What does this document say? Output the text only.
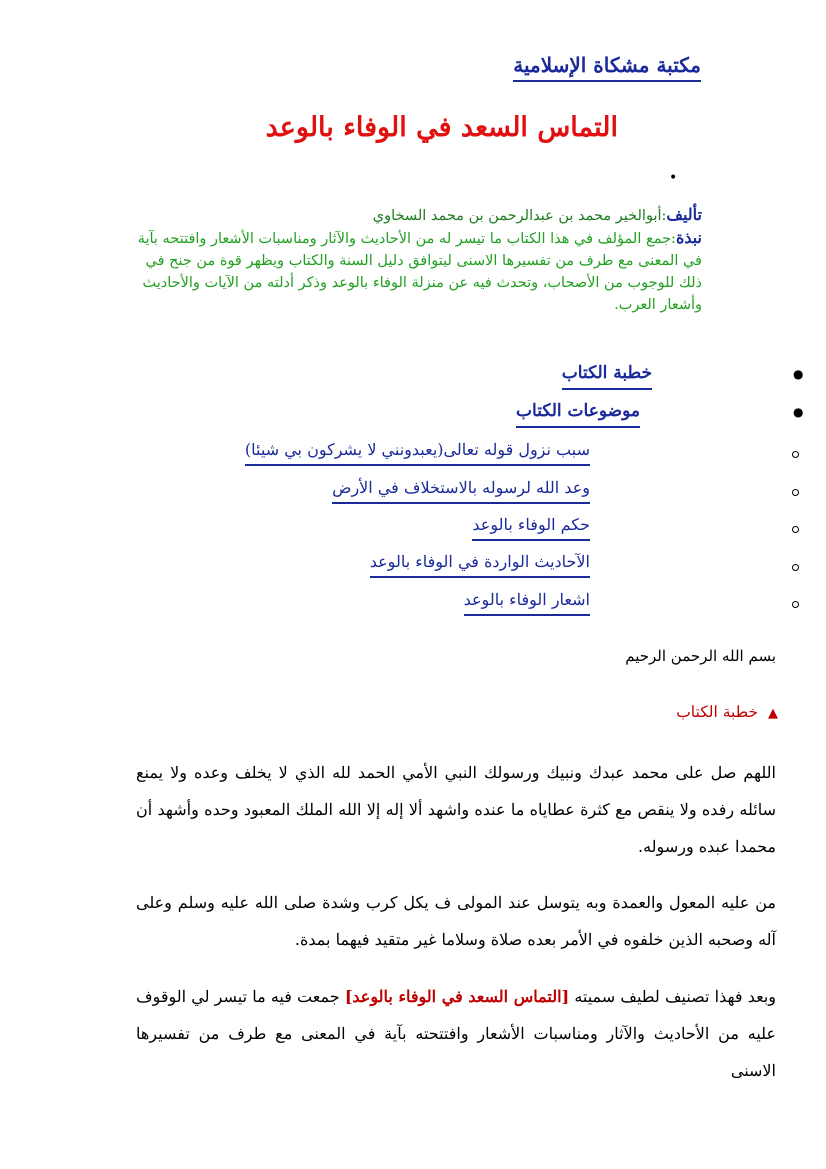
مكتبة مشكاة الإسلامية
التماس السعد في الوفاء بالوعد
•

تأليف:أبوالخير محمد بن عبدالرحمن بن محمد السخاوي

نبذة:جمع المؤلف في هذا الكتاب ما تيسر له من الأحاديث والآثار ومناسبات الأشعار وافتتحه بآية في المعنى مع طرف من تفسيرها الاسنى ليتوافق دليل السنة والكتاب ويظهر قوة من جنح في ذلك للوجوب من الأصحاب، وتحدث فيه عن منزلة الوفاء بالوعد وذكر أدلته من الآيات والأحاديث وأشعار العرب.

●
خطبة الكتاب
●
موضوعات الكتاب
سبب نزول قوله تعالى(يعبدونني لا يشركون بي شيئا)
وعد الله لرسوله بالاستخلاف في الأرض
حكم الوفاء بالوعد
الآحاديث الواردة في الوفاء بالوعد
اشعار الوفاء بالوعد
بسم الله الرحمن الرحيم
▲خطبة الكتاب
اللهم صل على محمد عبدك ونبيك ورسولك النبي الأمي الحمد لله الذي لا يخلف وعده ولا يمنع سائله رفده ولا ينقص مع كثرة عطاياه ما عنده واشهد ألا إله إلا الله الملك المعبود وحده وأشهد أن محمدا عبده ورسوله.
من عليه المعول والعمدة وبه يتوسل عند المولى ف يكل كرب وشدة صلى الله عليه وسلم وعلى آله وصحبه الذين خلفوه في الأمر بعده صلاة وسلاما غير متقيد فيهما بمدة.
وبعد فهذا تصنيف لطيف سميته [التماس السعد في الوفاء بالوعد] جمعت فيه ما تيسر لي الوقوف عليه من الأحاديث والآثار ومناسبات الأشعار وافتتحته بآية في المعنى مع طرف من تفسيرها الاسنى
